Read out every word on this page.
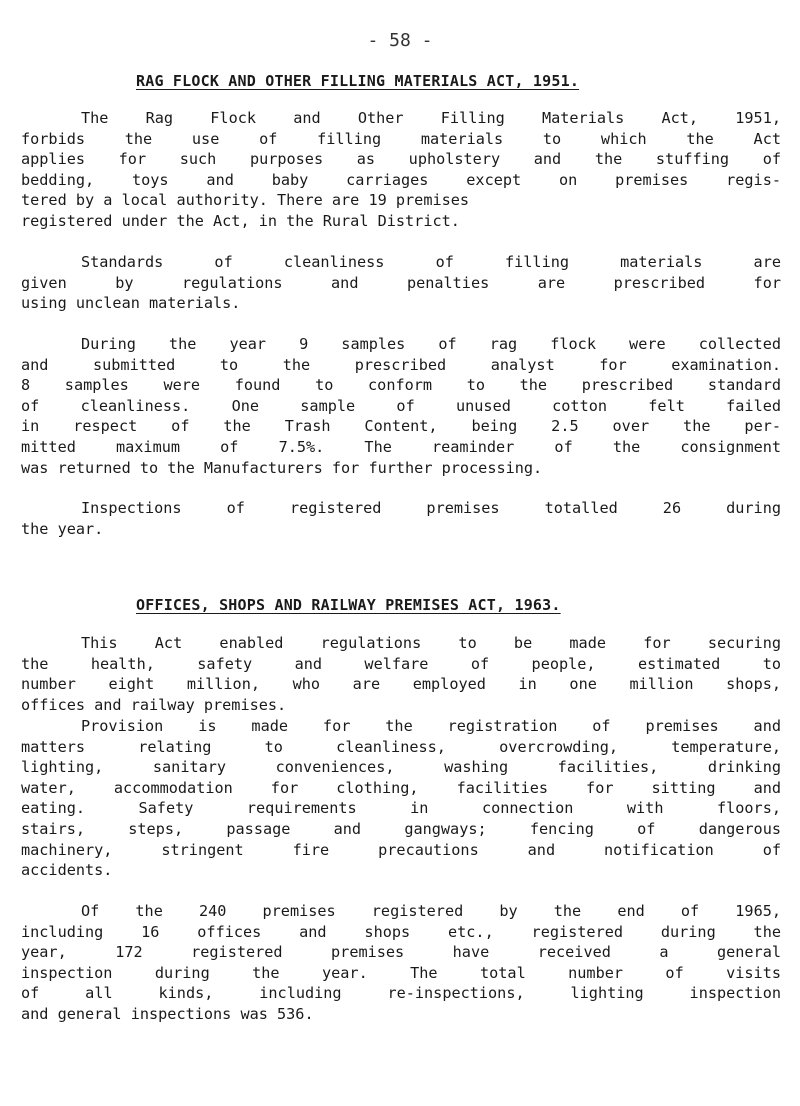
- 58 -
RAG FLOCK AND OTHER FILLING MATERIALS ACT, 1951.
The Rag Flock and Other Filling Materials Act, 1951,
forbids the use of filling materials to which the Act
applies for such purposes as upholstery and the stuffing of
bedding, toys and baby carriages except on premises regis-
tered by a local authority. There are 19 premises
registered under the Act, in the Rural District.
Standards of cleanliness of filling materials are
given by regulations and penalties are prescribed for
using unclean materials.
During the year 9 samples of rag flock were collected
and submitted to the prescribed analyst for examination.
8 samples were found to conform to the prescribed standard
of cleanliness. One sample of unused cotton felt failed
in respect of the Trash Content, being 2.5 over the per-
mitted maximum of 7.5%. The reaminder of the consignment
was returned to the Manufacturers for further processing.
Inspections of registered premises totalled 26 during
the year.
OFFICES, SHOPS AND RAILWAY PREMISES ACT, 1963.
This Act enabled regulations to be made for securing
the health, safety and welfare of people, estimated to
number eight million, who are employed in one million shops,
offices and railway premises.
Provision is made for the registration of premises and
matters relating to cleanliness, overcrowding, temperature,
lighting, sanitary conveniences, washing facilities, drinking
water, accommodation for clothing, facilities for sitting and
eating. Safety requirements in connection with floors,
stairs, steps, passage and gangways; fencing of dangerous
machinery, stringent fire precautions and notification of
accidents.
Of the 240 premises registered by the end of 1965,
including 16 offices and shops etc., registered during the
year, 172 registered premises have received a general
inspection during the year. The total number of visits
of all kinds, including re-inspections, lighting inspection
and general inspections was 536.
